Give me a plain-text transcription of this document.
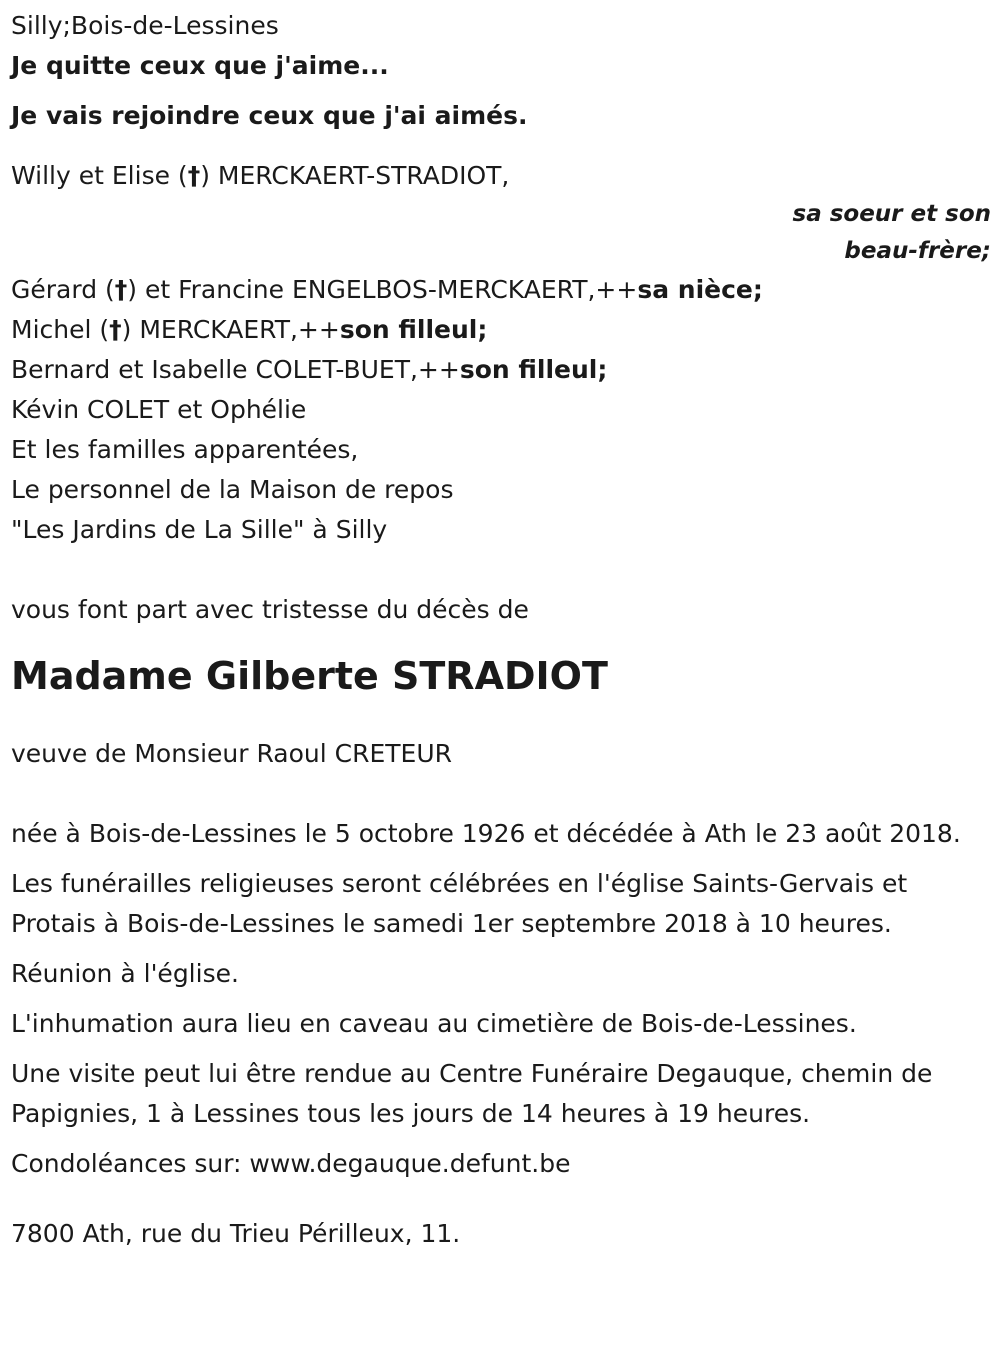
Silly;Bois-de-Lessines
Je quitte ceux que j'aime...
Je vais rejoindre ceux que j'ai aimés.
Willy et Elise (†) MERCKAERT-STRADIOT,
sa soeur et son
beau-frère;
Gérard (†) et Francine ENGELBOS-MERCKAERT,++sa nièce;
Michel (†) MERCKAERT,++son filleul;
Bernard et Isabelle COLET-BUET,++son filleul;
Kévin COLET et Ophélie
Et les familles apparentées,
Le personnel de la Maison de repos
"Les Jardins de La Sille" à Silly
vous font part avec tristesse du décès de
Madame Gilberte STRADIOT
veuve de Monsieur Raoul CRETEUR
née à Bois-de-Lessines le 5 octobre 1926 et décédée à Ath le 23 août 2018.
Les funérailles religieuses seront célébrées en l'église Saints-Gervais et Protais à Bois-de-Lessines le samedi 1er septembre 2018 à 10 heures.
Réunion à l'église.
L'inhumation aura lieu en caveau au cimetière de Bois-de-Lessines.
Une visite peut lui être rendue au Centre Funéraire Degauque, chemin de Papignies, 1 à Lessines tous les jours de 14 heures à 19 heures.
Condoléances sur: www.degauque.defunt.be
7800 Ath, rue du Trieu Périlleux, 11.
